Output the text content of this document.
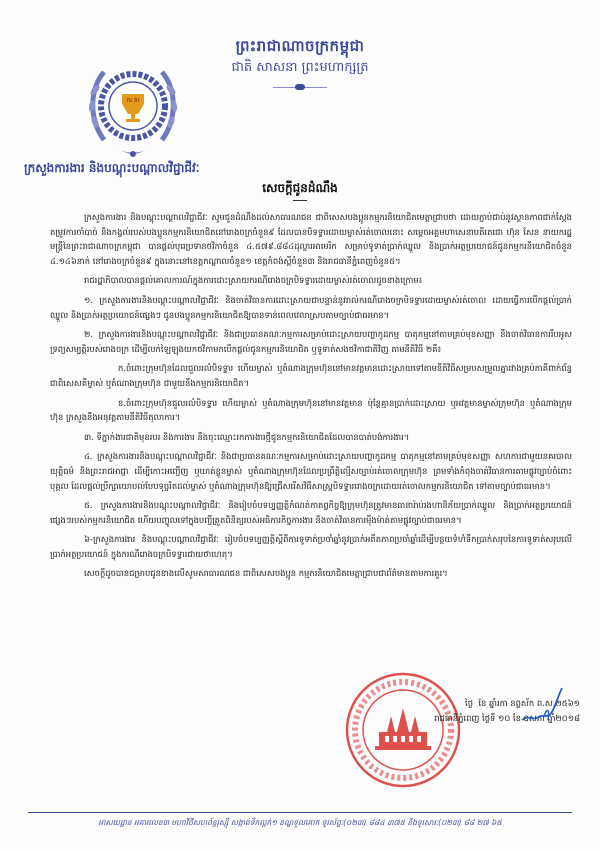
ករ វប
ព្រះរាជាណាចក្រកម្ពុជា
ជាតិ សាសនា ព្រះមហាក្សត្រ
ក្រសួងការងារ និងបណ្តុះបណ្តាលវិជ្ជាជីវៈ
សេចក្តីជូនដំណឹង

ក្រសួងការងារ និងបណ្តុះបណ្តាលវិជ្ជាជីវៈ សូមជូនដំណឹងដល់សាធារណជន ជាពិសេសបងប្អូនកម្មករនិយោជិតមេត្តាជ្រាបថា ដោយភ្ជាប់ជាប់នូវស្ថានភាពជាក់ស្តែង តម្រូវការចាំបាច់ និងកង្វល់របស់បងប្អូនកម្មករនិយោជិតនៅរោងចក្រចំនួន៩ ដែលបានបិទទ្វារដោយម្ចាស់រត់ចោលនោះ សម្តេចអគ្គមហាសេនាបតីតេជោ ហ៊ុន សែន នាយករដ្ឋមន្ត្រីនៃព្រះរាជាណាចក្រកម្ពុជា បានផ្តល់បុរេប្រទានថវិកាចំនួន ៤.៥៧៩.៨៨៤ដុល្លារអាមេរិក សម្រាប់ទូទាត់ប្រាក់ឈ្នួល និងប្រាក់អត្ថប្រយោជន៍ជូនកម្មករនិយោជិតចំនួន ៤.១៤៦នាក់ នៅរោងចក្រចំនួន៩ ក្នុងនោះនៅខេត្តកណ្តាលចំនួន១ ខេត្តកំពង់ស្ពឺចំនួន៣ និងរាជធានីភ្នំពេញចំនួន៥។

រាជរដ្ឋាភិបាលបានផ្តល់គោលការណ៍ក្នុងការដោះស្រាយករណីរោងចក្របិទទ្វារដោយម្ចាស់រត់ចោលដូចខាងក្រោម៖

១. ក្រសួងការងារនិងបណ្តុះបណ្តាលវិជ្ជាជីវៈ និងចាត់វិធានការដោះស្រាយជាបន្ទាន់នូវរាល់ករណីរោងចក្របិទទ្វារដោយម្ចាស់រត់ចោល ដោយធ្វើការបើកផ្តល់ប្រាក់ឈ្នួល និងប្រាក់អត្ថប្រយោជន៍ផ្សេងៗ ជូនបងប្អូនកម្មករនិយោជិតឱ្យបានទាន់ពេលវេលាស្របតាមច្បាប់ជាធរមាន។

២. ក្រសួងការងារនិងបណ្តុះបណ្តាលវិជ្ជាជីវៈ និងជាប្រធានគណៈកម្មការសម្រាប់ដោះស្រាយបញ្ហាកូដកម្ម បាតុកម្មនៅតាមគ្រប់មុខសញ្ញា នឹងចាត់វិធានការរឹបអូសទ្រព្យសម្បត្តិរបស់រោងចក្រ ដើម្បីលក់ឡៃឡុងយកថវិកាមកបើកផ្តល់ជូនកម្មករនិយោជិត ឬទូទាត់សងថវិកាជាតិវិញ តាមនីតិវិធី ២គឺ៖

ក.ចំពោះក្រុមហ៊ុនដែលជួលរលំបិទទ្វារ ហើយម្ចាស់ ឬតំណាងក្រុមហ៊ុននៅមានវត្តមានដោះស្រាយទៅតាមនីតិវិធីសម្របសម្រួលគ្នារវាងគ្រប់ភាគីពាក់ព័ន្ធ ជាពិសេសគឺម្ចាស់ ឬតំណាងក្រុមហ៊ុន ជាមួយនឹងកម្មករនិយោជិត។

ខ.ចំពោះក្រុមហ៊ុនជួលរលំបិទទ្វារ ហើយម្ចាស់ ឬតំណាងក្រុមហ៊ុននៅមានវត្តមាន ប៉ុន្តែគ្មានប្រាក់ដោះស្រាយ ឬអវត្តមានម្ចាស់ក្រុមហ៊ុន ឬតំណាងក្រុមហ៊ុន ក្រសួងនឹងអនុវត្តតាមនីតិវិធីតុលាការ។

៣. ទីភ្នាក់ងារជាតិមុខរបរ និងការងារ នឹងចុះឈ្មោះរកការងារថ្មីជូនកម្មករនិយោជិតដែលបានបាត់បង់ការងារ។

៤. ក្រសួងការងារនិងបណ្តុះបណ្តាលវិជ្ជាជីវៈ និងជាប្រធានគណៈកម្មការសម្រាប់ដោះស្រាយបញ្ហាកូដកម្ម បាតុកម្មនៅតាមគ្រប់មុខសញ្ញា សហការជាមួយនគរបាលយុត្តិធម៌ និងព្រះរាជអាជ្ញា ដើម្បីកោះអញ្ជើញ ឬឃាត់ខ្លួនម្ចាស់ ឬតំណាងក្រុមហ៊ុនដែលប្រព្រឹត្តិល្មើសច្បាប់រត់ចោលក្រុមហ៊ុន ព្រមទាំងកំពុងចាត់វិធានការតាមផ្លូវច្បាប់ចំពោះបុគ្គល ដែលផ្តល់ប្រឹក្សាយោបល់បែបទុច្ចរិតដល់ម្ចាស់ ឬតំណាងក្រុមហ៊ុនឱ្យជ្រើសរើសវិធីសាស្ត្របិទទ្វាររោងចក្រដោយរត់ចោលកម្មករនិយោជិត ទៅតាមច្បាប់ជាធរមាន។

៥. ក្រសួងការងារនិងបណ្តុះបណ្តាលវិជ្ជាជីវៈ និងរៀបចំបទប្បញ្ញត្តិកំណត់កាតព្វកិច្ចឱ្យក្រុមហ៊ុនត្រូវមានធានារ៉ាប់រងហានិភ័យប្រាក់ឈ្នួល និងប្រាក់អត្ថប្រយោជន៍ផ្សេងៗរបស់កម្មករនិយោជិត ហើយបញ្ចូលទៅក្នុងបញ្ជីត្រួតពិនិត្យរបស់អធិការកិច្ចការងារ និងចាត់វិធានការម៉ឺងម៉ាត់តាមផ្លូវច្បាប់ជាធរមាន។

៦-ក្រសួងការងារ និងបណ្តុះបណ្តាលវិជ្ជាជីវៈ រៀបចំបទប្បញ្ញត្តិស្តីពីការទូទាត់ប្រចាំឆ្នាំនូវប្រាក់អតីតភាពប្រចាំឆ្នាំដើម្បីបន្ថយទំហំទឹកប្រាក់សរុបនៃការទូទាត់សរុបលើប្រាក់អត្ថប្រយោជន៍ ក្នុងករណីរោងចក្របិទទ្វារជាយថាហេតុ។

សេចក្តីដូចបានជម្រាបជូនខាងលើសូមសាធារណជន ជាពិសេសបងប្អូន កម្មករនិយោជិតមេត្តាជ្រាបជាព័ត៌មានតាមការគួរ។

ថ្ងៃ ​​​​​ ខែ ឆ្នាំរកា នព្វស័ក ព.ស.២៥៦១
រាជធានីភ្នំពេញ ថ្ងៃទី ១០ ខែ ឧសភា ឆ្នាំ២០១៨
អាសយដ្ឋាន អគារលេខ៣ មហាវិថីសហព័ន្ធរុស្ស៊ី សង្កាត់ទឹកល្អក់១ ខណ្ឌទួលគោក ទូរស័ព្ទៈ(០២៣) ៨៨៤ ៣៧៥ និងទូរសារៈ(០២៣) ៨៨ ២៧ ៦៥
